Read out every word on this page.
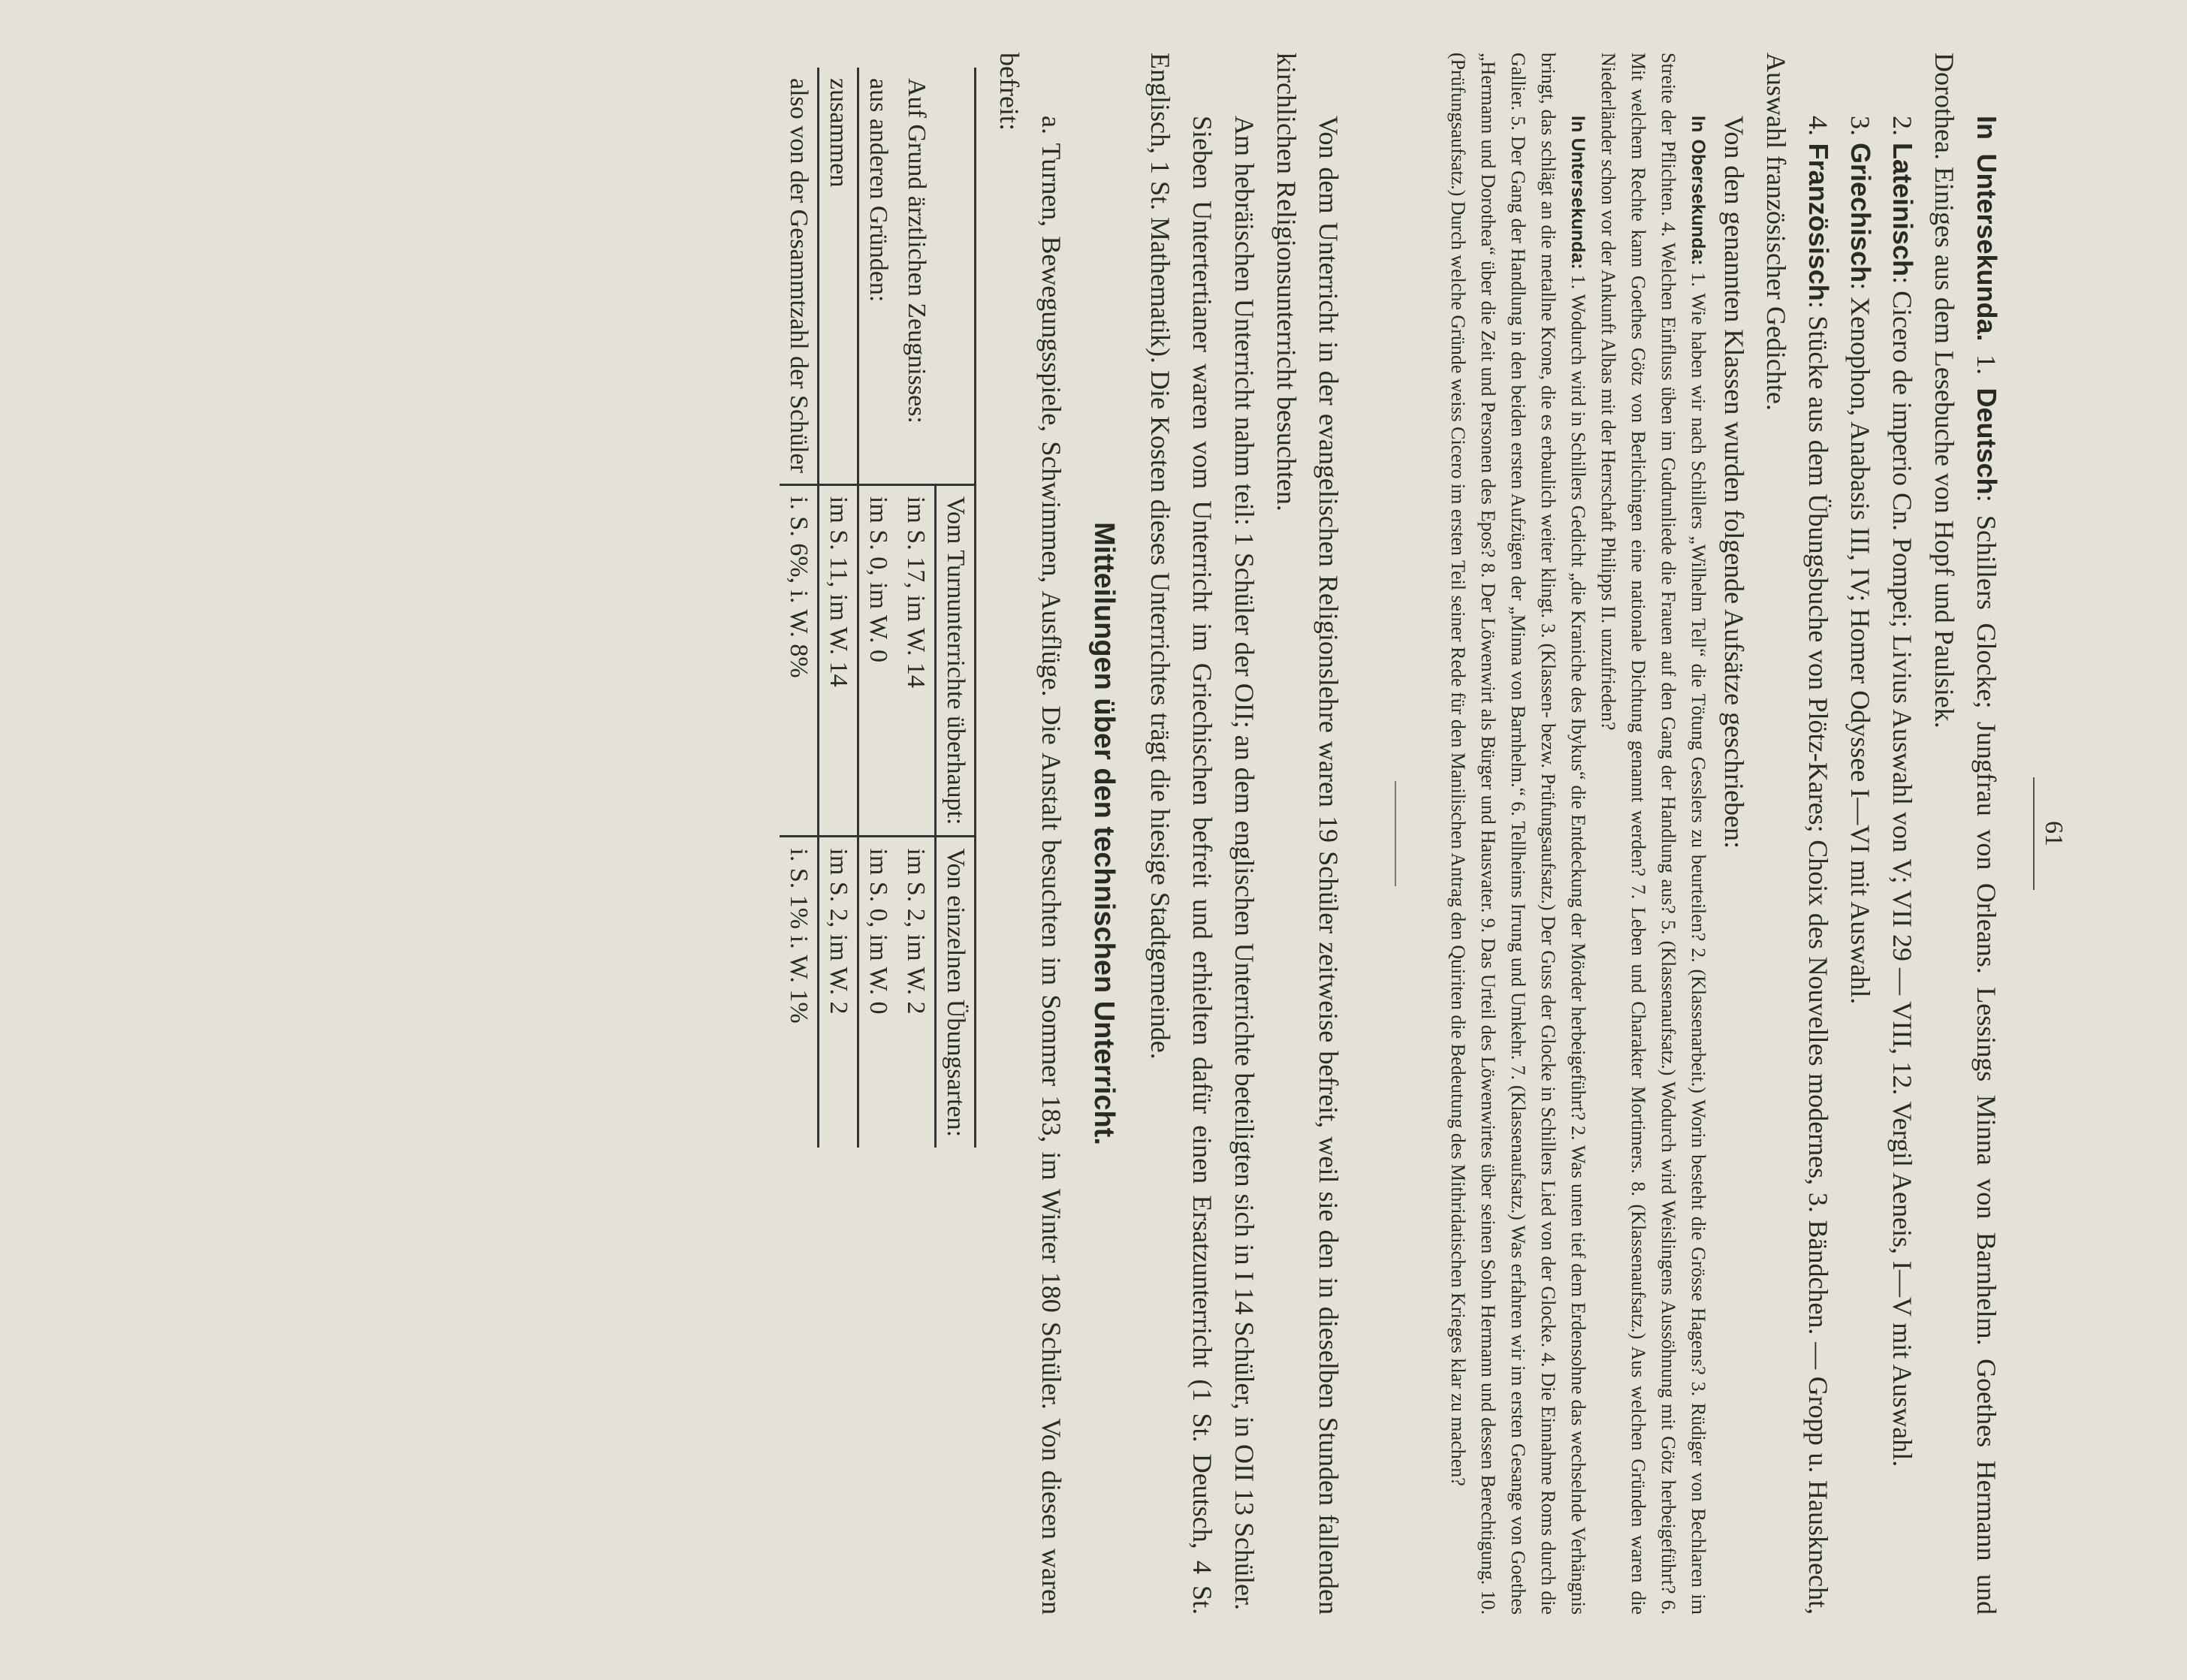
61

In Untersekunda. 1. Deutsch: Schillers Glocke; Jungfrau von Orleans. Lessings Minna von Barnhelm. Goethes Hermann und Dorothea. Einiges aus dem Lesebuche von Hopf und Paulsiek.

2. Lateinisch: Cicero de imperio Cn. Pompei; Livius Auswahl von V; VII 29 — VIII, 12. Vergil Aeneis, I—V mit Auswahl.

3. Griechisch: Xenophon, Anabasis III, IV; Homer Odyssee I—VI mit Auswahl.

4. Französisch: Stücke aus dem Übungsbuche von Plötz-Kares; Choix des Nouvelles modernes, 3. Bändchen. — Gropp u. Hausknecht, Auswahl französischer Gedichte.

Von den genannten Klassen wurden folgende Aufsätze geschrieben:

In Obersekunda: 1. Wie haben wir nach Schillers „Wilhelm Tell“ die Tötung Gesslers zu beurteilen? 2. (Klassenarbeit.) Worin besteht die Grösse Hagens? 3. Rüdiger von Bechlaren im Streite der Pflichten. 4. Welchen Einfluss üben im Gudrunliede die Frauen auf den Gang der Handlung aus? 5. (Klassenaufsatz.) Wodurch wird Weislingens Aussöhnung mit Götz herbeigeführt? 6. Mit welchem Rechte kann Goethes Götz von Berlichingen eine nationale Dichtung genannt werden? 7. Leben und Charakter Mortimers. 8. (Klassenaufsatz.) Aus welchen Gründen waren die Niederländer schon vor der Ankunft Albas mit der Herrschaft Philipps II. unzufrieden?

In Untersekunda: 1. Wodurch wird in Schillers Gedicht „die Kraniche des Ibykus“ die Entdeckung der Mörder herbeigeführt? 2. Was unten tief dem Erdensohne das wechselnde Verhängnis bringt, das schlägt an die metallne Krone, die es erbaulich weiter klingt. 3. (Klassen- bezw. Prüfungsaufsatz.) Der Guss der Glocke in Schillers Lied von der Glocke. 4. Die Einnahme Roms durch die Gallier. 5. Der Gang der Handlung in den beiden ersten Aufzügen der „Minna von Barnhelm.“ 6. Tellheims Irrung und Umkehr. 7. (Klassenaufsatz.) Was erfahren wir im ersten Gesange von Goethes „Hermann und Dorothea“ über die Zeit und Personen des Epos? 8. Der Löwenwirt als Bürger und Hausvater. 9. Das Urteil des Löwenwirtes über seinen Sohn Hermann und dessen Berechtigung. 10. (Prüfungsaufsatz.) Durch welche Gründe weiss Cicero im ersten Teil seiner Rede für den Manilischen Antrag den Quiriten die Bedeutung des Mithridatischen Krieges klar zu machen?

Von dem Unterricht in der evangelischen Religionslehre waren 19 Schüler zeitweise befreit, weil sie den in dieselben Stunden fallenden kirchlichen Religionsunterricht besuchten.

Am hebräischen Unterricht nahm teil: 1 Schüler der OII; an dem englischen Unterrichte beteiligten sich in I 14 Schüler, in OII 13 Schüler.

Sieben Untertertianer waren vom Unterricht im Griechischen befreit und erhielten dafür einen Ersatzunterricht (1 St. Deutsch, 4 St. Englisch, 1 St. Mathematik). Die Kosten dieses Unterrichtes trägt die hiesige Stadtgemeinde.

Mitteilungen über den technischen Unterricht.

a. Turnen, Bewegungsspiele, Schwimmen, Ausflüge. Die Anstalt besuchten im Sommer 183, im Winter 180 Schüler. Von diesen waren befreit:

	Vom Turnunterrichte überhaupt:	Von einzelnen Übungsarten:
Auf Grund ärztlichen Zeugnisses:	im S. 17, im W. 14	im S. 2, im W. 2
aus anderen Gründen:	im S. 0, im W. 0	im S. 0, im W. 0
zusammen	im S. 11, im W. 14	im S. 2, im W. 2
also von der Gesammtzahl der Schüler	i. S. 6%, i. W. 8%	i. S. 1% i. W. 1%
